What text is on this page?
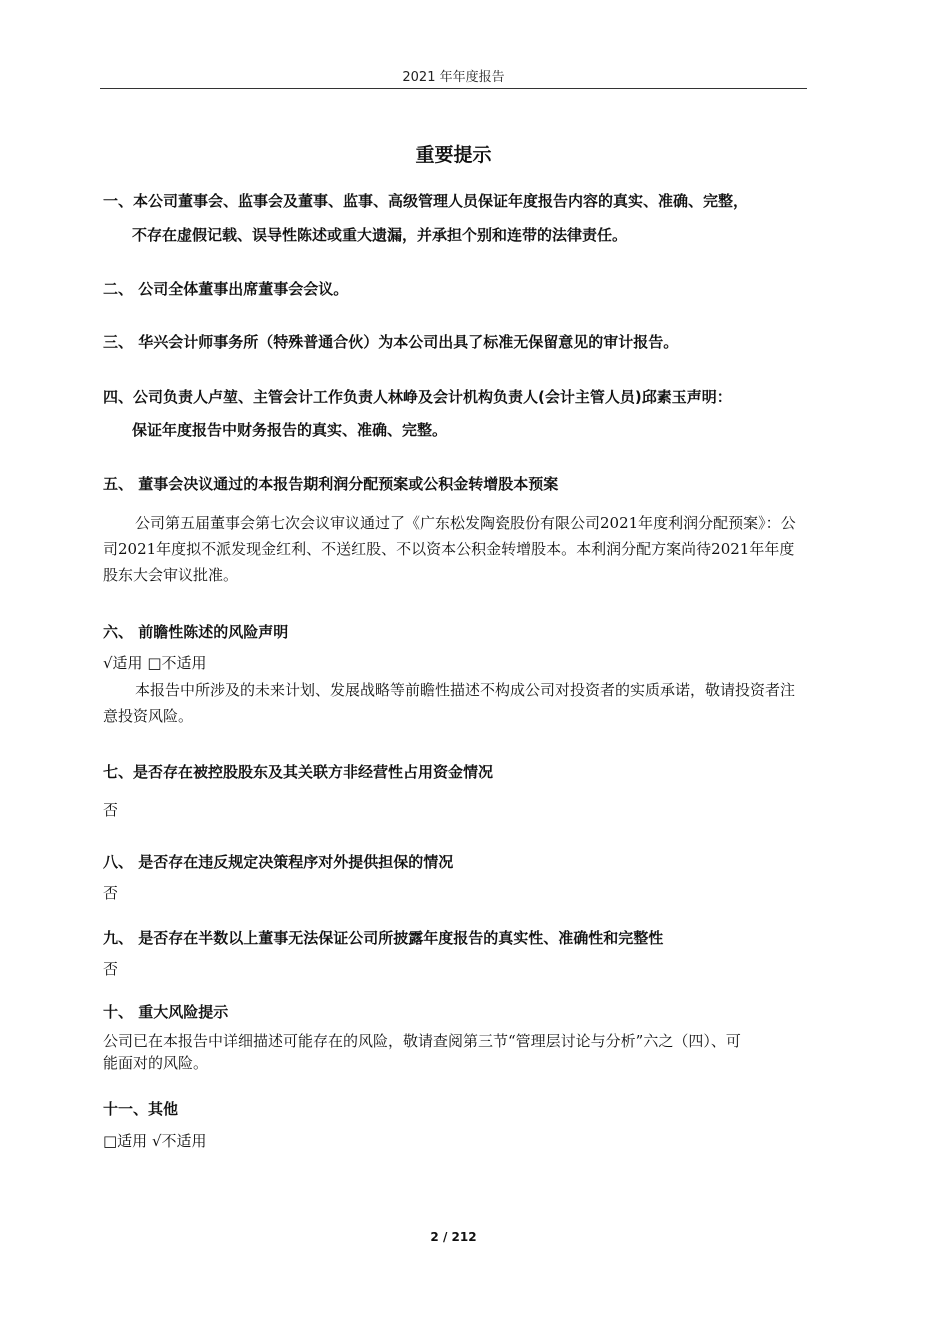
2021 年年度报告
重要提示
一、本公司董事会、监事会及董事、监事、高级管理人员保证年度报告内容的真实、准确、完整，
不存在虚假记载、误导性陈述或重大遗漏，并承担个别和连带的法律责任。
二、 公司全体董事出席董事会会议。
三、 华兴会计师事务所（特殊普通合伙）为本公司出具了标准无保留意见的审计报告。
四、公司负责人卢堃、主管会计工作负责人林峥及会计机构负责人(会计主管人员)邱素玉声明：
保证年度报告中财务报告的真实、准确、完整。
五、 董事会决议通过的本报告期利润分配预案或公积金转增股本预案
公司第五届董事会第七次会议审议通过了《广东松发陶瓷股份有限公司2021年度利润分配预案》：公司2021年度拟不派发现金红利、不送红股、不以资本公积金转增股本。本利润分配方案尚待2021年年度股东大会审议批准。
六、 前瞻性陈述的风险声明
√适用 □不适用
本报告中所涉及的未来计划、发展战略等前瞻性描述不构成公司对投资者的实质承诺，敬请投资者注意投资风险。
七、是否存在被控股股东及其关联方非经营性占用资金情况
否
八、 是否存在违反规定决策程序对外提供担保的情况
否
九、 是否存在半数以上董事无法保证公司所披露年度报告的真实性、准确性和完整性
否
十、 重大风险提示
公司已在本报告中详细描述可能存在的风险，敬请查阅第三节“管理层讨论与分析”六之（四）、可能面对的风险。
十一、其他
□适用 √不适用
2 / 212
